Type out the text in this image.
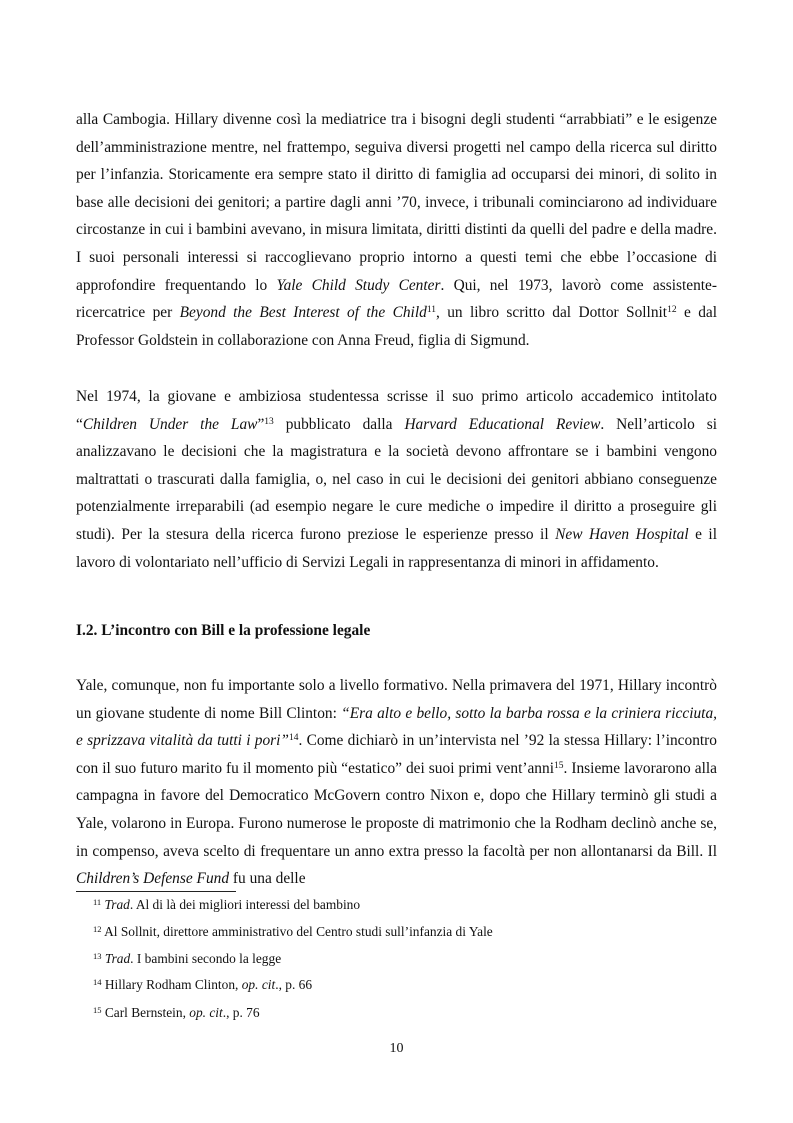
alla Cambogia. Hillary divenne così la mediatrice tra i bisogni degli studenti “arrabbiati” e le esigenze dell’amministrazione mentre, nel frattempo, seguiva diversi progetti nel campo della ricerca sul diritto per l’infanzia. Storicamente era sempre stato il diritto di famiglia ad occuparsi dei minori, di solito in base alle decisioni dei genitori; a partire dagli anni ’70, invece, i tribunali cominciarono ad individuare circostanze in cui i bambini avevano, in misura limitata, diritti distinti da quelli del padre e della madre. I suoi personali interessi si raccoglievano proprio intorno a questi temi che ebbe l’occasione di approfondire frequentando lo Yale Child Study Center. Qui, nel 1973, lavorò come assistente-ricercatrice per Beyond the Best Interest of the Child$^{11}$, un libro scritto dal Dottor Sollnit$^{12}$ e dal Professor Goldstein in collaborazione con Anna Freud, figlia di Sigmund.

Nel 1974, la giovane e ambiziosa studentessa scrisse il suo primo articolo accademico intitolato “Children Under the Law”$^{13}$ pubblicato dalla Harvard Educational Review. Nell’articolo si analizzavano le decisioni che la magistratura e la società devono affrontare se i bambini vengono maltrattati o trascurati dalla famiglia, o, nel caso in cui le decisioni dei genitori abbiano conseguenze potenzialmente irreparabili (ad esempio negare le cure mediche o impedire il diritto a proseguire gli studi). Per la stesura della ricerca furono preziose le esperienze presso il New Haven Hospital e il lavoro di volontariato nell’ufficio di Servizi Legali in rappresentanza di minori in affidamento.

I.2. L’incontro con Bill e la professione legale

Yale, comunque, non fu importante solo a livello formativo. Nella primavera del 1971, Hillary incontrò un giovane studente di nome Bill Clinton: “Era alto e bello, sotto la barba rossa e la criniera ricciuta, e sprizzava vitalità da tutti i pori”$^{14}$. Come dichiarò in un’intervista nel ’92 la stessa Hillary: l’incontro con il suo futuro marito fu il momento più “estatico” dei suoi primi vent’anni$^{15}$. Insieme lavorarono alla campagna in favore del Democratico McGovern contro Nixon e, dopo che Hillary terminò gli studi a Yale, volarono in Europa. Furono numerose le proposte di matrimonio che la Rodham declinò anche se, in compenso, aveva scelto di frequentare un anno extra presso la facoltà per non allontanarsi da Bill. Il Children’s Defense Fund fu una delle

$^{11}$ Trad. Al di là dei migliori interessi del bambino

$^{12}$ Al Sollnit, direttore amministrativo del Centro studi sull’infanzia di Yale

$^{13}$ Trad. I bambini secondo la legge

$^{14}$ Hillary Rodham Clinton, op. cit., p. 66

$^{15}$ Carl Bernstein, op. cit., p. 76

10
